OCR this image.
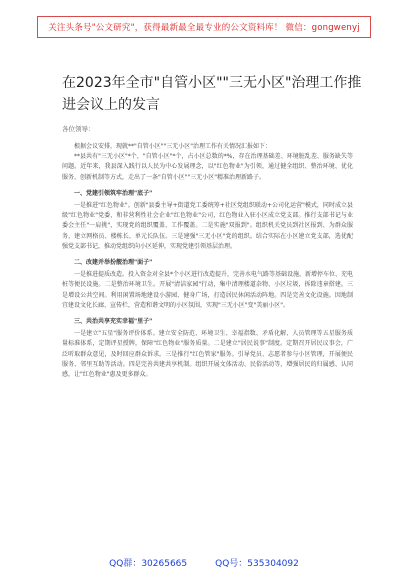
关注头条号"公文研究"，获得最新最全最专业的公文资料库！ 微信：gongwenyj
在2023年全市"自管小区""三无小区"治理工作推进会议上的发言
各位领导：

根据会议安排，现就**"自管小区""三无小区"治理工作有关情况汇报如下：

**县共有"三无小区"*个，"自管小区"*个，占小区总数的*%，存在治理基础差、环境脏乱差、服务缺失等问题。近年来，我县深入践行以人民为中心发展理念，以"红色物业"为引领，通过健全组织、整治环境、优化服务、创新机制等方式，走出了一条"自管小区""三无小区"精准治理新路子。

一、党建引领筑牢治理"底子"

一是推进"红色物业"。创新"县委主导+街道党工委统筹+社区党组织联动+公司化运营"模式，同时成立县级"红色物业"党委，和非营利性社会企业"红色物业"公司，红色物业入驻小区成立党支部。推行支部书记与业委会主任"一肩挑"，实现党的组织覆盖、工作覆盖。二是实施"双报到"。组织机关党员到社区报到、为群众服务，建立网格员、楼栋长、单元长队伍。三是建强"三无小区"党的组织。结合实际在小区建立党支部，选优配强党支部书记，推动党组织向小区延伸，实现党建引领基层治理。

二、改建并举扮靓治理"面子"

一是推进提质改造。投入资金对全县*个小区进行改造提升，完善水电气路等基础设施，新增停车位、充电桩等便民设施。二是整治环境卫生。开展"清洁家园"行动，集中清理楼道杂物、小区垃圾，拆除违章搭建。三是增设公共空间。利用闲置场地建设小游园、健身广场，打造居民休闲活动阵地。四是完善文化设施。因地制宜建设文化长廊、宣传栏，营造和谐文明的小区氛围，实现"三无小区"变"美丽小区"。

三、共治共享充实幸福"里子"

一是建立"五星"服务评价体系。建立安全防范、环境卫生、幸福指数、矛盾化解、人员管理等五星服务质量标准体系，定期评星授牌，保障"红色物业"服务质量。二是建立"居民说事"制度。定期召开居民议事会，广泛听取群众意见，及时回应群众诉求。三是推行"红色管家"服务。引导党员、志愿者参与小区管理，开展便民服务、邻里互助等活动。四是完善共建共享机制。组织开展文体活动、民俗活动等，增强居民的归属感、认同感，让"红色物业"惠及更多群众。

QQ群：30265665	QQ号：535304092
